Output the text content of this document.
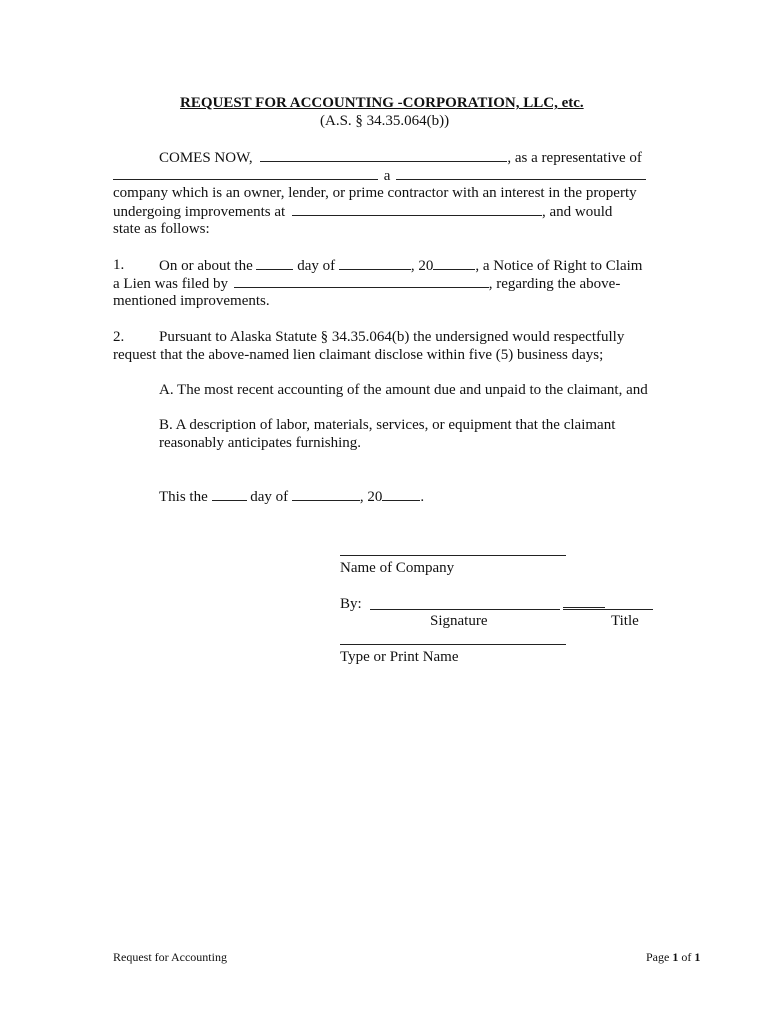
REQUEST FOR ACCOUNTING -CORPORATION, LLC, etc.
(A.S. § 34.35.064(b))
COMES NOW,	, as a representative of
a
company which is an owner, lender, or prime contractor with an interest in the property
undergoing improvements at	, and would
state as follows:
1. On or about the	day of	, 20	, a Notice of Right to Claim
a Lien was filed by	, regarding the above-
mentioned improvements.
2. Pursuant to Alaska Statute § 34.35.064(b) the undersigned would respectfully
request that the above-named lien claimant disclose within five (5) business days;
A. The most recent accounting of the amount due and unpaid to the claimant, and
B. A description of labor, materials, services, or equipment that the claimant
reasonably anticipates furnishing.
This the	day of	, 20	.
Name of Company
By:
Signature	Title
Type or Print Name
Request for Accounting	Page 1 of 1
